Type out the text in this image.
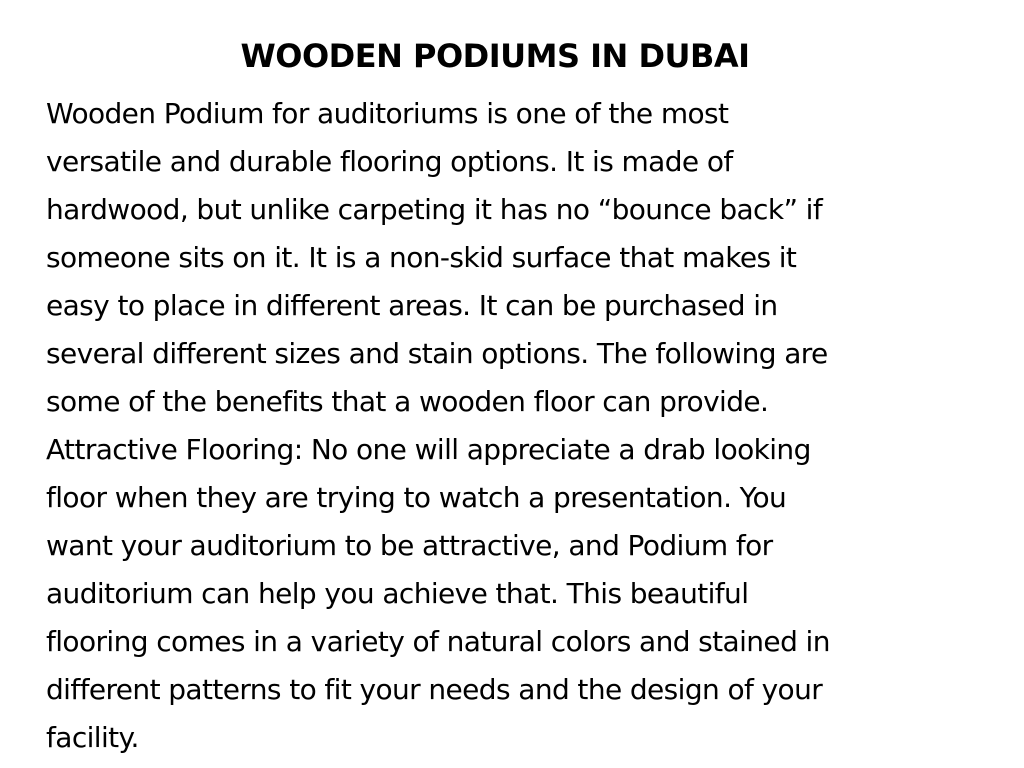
WOODEN PODIUMS IN DUBAI
Wooden Podium for auditoriums is one of the most
versatile and durable flooring options. It is made of
hardwood, but unlike carpeting it has no “bounce back” if
someone sits on it. It is a non-skid surface that makes it
easy to place in different areas. It can be purchased in
several different sizes and stain options. The following are
some of the benefits that a wooden floor can provide.
Attractive Flooring: No one will appreciate a drab looking
floor when they are trying to watch a presentation. You
want your auditorium to be attractive, and Podium for
auditorium can help you achieve that. This beautiful
flooring comes in a variety of natural colors and stained in
different patterns to fit your needs and the design of your
facility.
